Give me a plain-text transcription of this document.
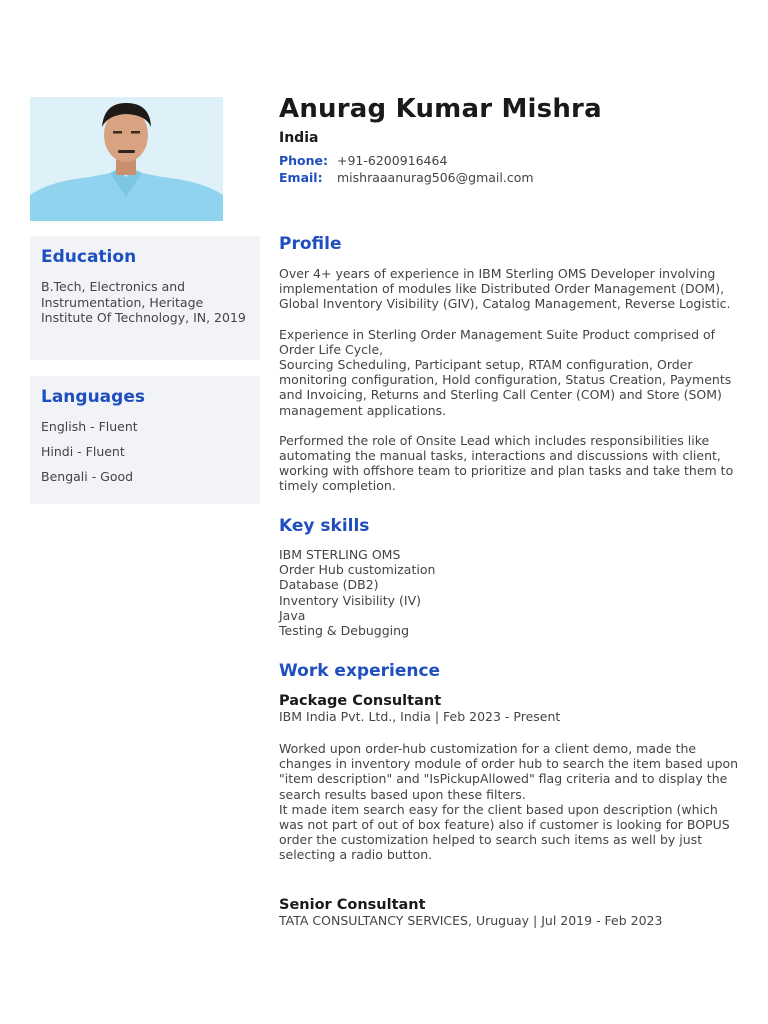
Anurag Kumar Mishra
India
Phone: +91-6200916464
Email:	mishraaanurag506@gmail.com
Education

B.Tech, Electronics and Instrumentation, Heritage Institute Of Technology, IN, 2019

Languages
English - Fluent
Hindi - Fluent
Bengali - Good
Profile

Over 4+ years of experience in IBM Sterling OMS Developer involving implementation of modules like Distributed Order Management (DOM), Global Inventory Visibility (GIV), Catalog Management, Reverse Logistic.

Experience in Sterling Order Management Suite Product comprised of Order Life Cycle,
Sourcing Scheduling, Participant setup, RTAM configuration, Order monitoring configuration, Hold configuration, Status Creation, Payments and Invoicing, Returns and Sterling Call Center (COM) and Store (SOM) management applications.

Performed the role of Onsite Lead which includes responsibilities like automating the manual tasks, interactions and discussions with client, working with offshore team to prioritize and plan tasks and take them to timely completion.

Key skills
IBM STERLING OMS
Order Hub customization
Database (DB2)
Inventory Visibility (IV)
Java
Testing & Debugging
Work experience
Package Consultant
IBM India Pvt. Ltd., India | Feb 2023 - Present

Worked upon order-hub customization for a client demo, made the changes in inventory module of order hub to search the item based upon "item description" and "IsPickupAllowed" flag criteria and to display the search results based upon these filters.
It made item search easy for the client based upon description (which was not part of out of box feature) also if customer is looking for BOPUS order the customization helped to search such items as well by just selecting a radio button.

Senior Consultant
TATA CONSULTANCY SERVICES, Uruguay | Jul 2019 - Feb 2023
